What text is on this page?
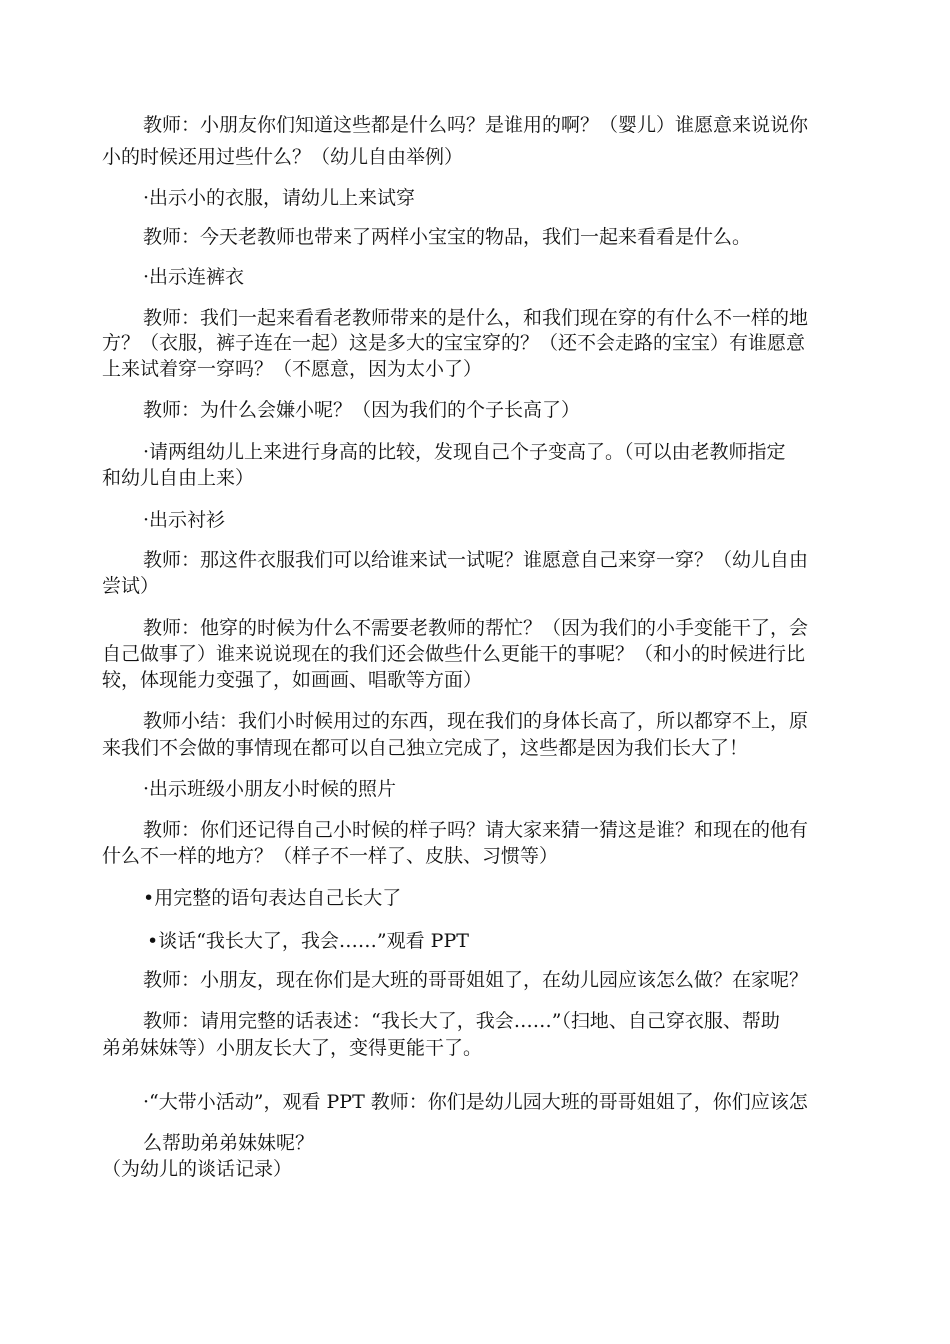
教师：小朋友你们知道这些都是什么吗？是谁用的啊？（婴儿）谁愿意来说说你
小的时候还用过些什么？（幼儿自由举例）
·出示小的衣服，请幼儿上来试穿
教师：今天老教师也带来了两样小宝宝的物品，我们一起来看看是什么。
·出示连裤衣
教师：我们一起来看看老教师带来的是什么，和我们现在穿的有什么不一样的地
方？（衣服，裤子连在一起）这是多大的宝宝穿的？（还不会走路的宝宝）有谁愿意
上来试着穿一穿吗？（不愿意，因为太小了）
教师：为什么会嫌小呢？（因为我们的个子长高了）
·请两组幼儿上来进行身高的比较，发现自己个子变高了。（可以由老教师指定
和幼儿自由上来）
·出示衬衫
教师：那这件衣服我们可以给谁来试一试呢？谁愿意自己来穿一穿？（幼儿自由
尝试）
教师：他穿的时候为什么不需要老教师的帮忙？（因为我们的小手变能干了，会
自己做事了）谁来说说现在的我们还会做些什么更能干的事呢？（和小的时候进行比
较，体现能力变强了，如画画、唱歌等方面）
教师小结：我们小时候用过的东西，现在我们的身体长高了，所以都穿不上，原
来我们不会做的事情现在都可以自己独立完成了，这些都是因为我们长大了！
·出示班级小朋友小时候的照片
教师：你们还记得自己小时候的样子吗？请大家来猜一猜这是谁？和现在的他有
什么不一样的地方？（样子不一样了、皮肤、习惯等）
•用完整的语句表达自己长大了
•谈话“我长大了，我会……”观看 PPT
教师：小朋友，现在你们是大班的哥哥姐姐了，在幼儿园应该怎么做？在家呢？
教师：请用完整的话表述：“我长大了，我会……”（扫地、自己穿衣服、帮助
弟弟妹妹等）小朋友长大了，变得更能干了。
·“大带小活动”，观看 PPT 教师：你们是幼儿园大班的哥哥姐姐了，你们应该怎
么帮助弟弟妹妹呢？
（为幼儿的谈话记录）
